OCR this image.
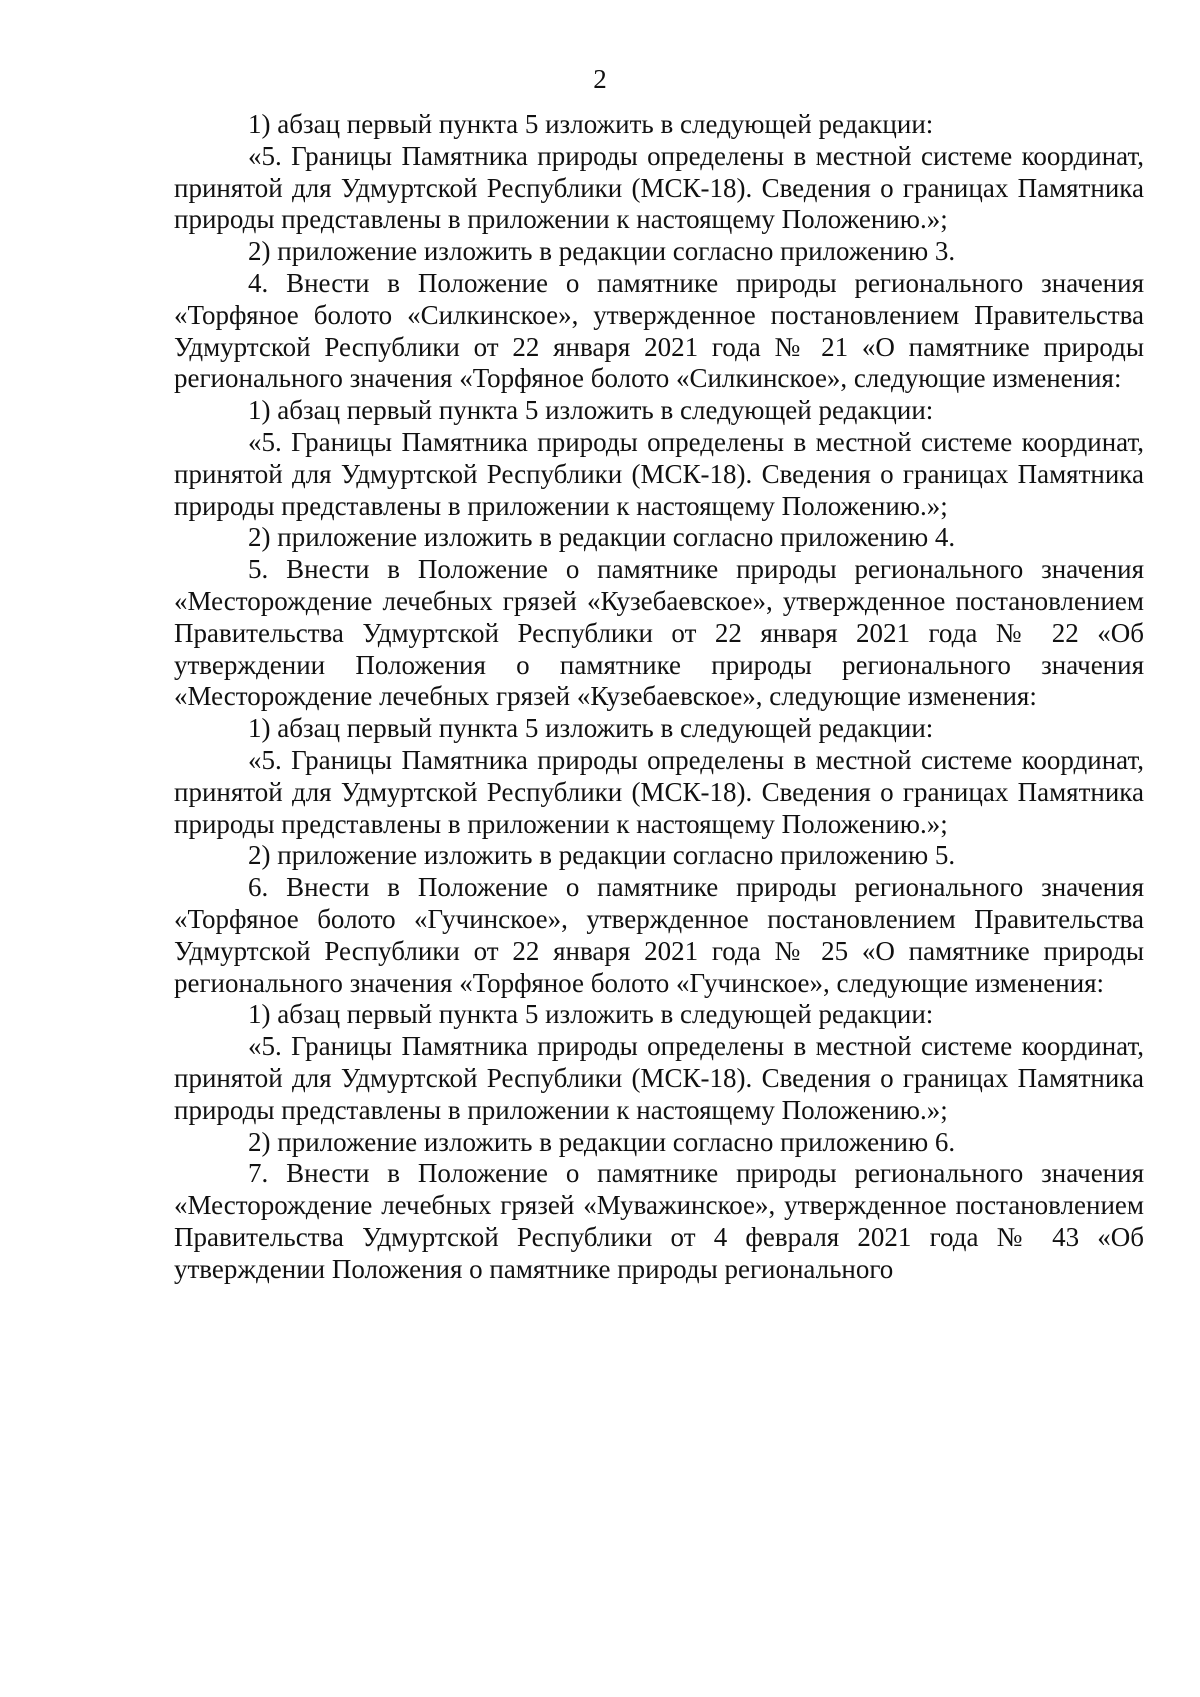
2

1) абзац первый пункта 5 изложить в следующей редакции:

«5. Границы Памятника природы определены в местной системе координат, принятой для Удмуртской Республики (МСК-18). Сведения о границах Памятника природы представлены в приложении к настоящему Положению.»;

2) приложение изложить в редакции согласно приложению 3.

4. Внести в Положение о памятнике природы регионального значения «Торфяное болото «Силкинское», утвержденное постановлением Правительства Удмуртской Республики от 22 января 2021 года № 21 «О памятнике природы регионального значения «Торфяное болото «Силкинское», следующие изменения:

1) абзац первый пункта 5 изложить в следующей редакции:

«5. Границы Памятника природы определены в местной системе координат, принятой для Удмуртской Республики (МСК-18). Сведения о границах Памятника природы представлены в приложении к настоящему Положению.»;

2) приложение изложить в редакции согласно приложению 4.

5. Внести в Положение о памятнике природы регионального значения «Месторождение лечебных грязей «Кузебаевское», утвержденное постановлением Правительства Удмуртской Республики от 22 января 2021 года № 22 «Об утверждении Положения о памятнике природы регионального значения «Месторождение лечебных грязей «Кузебаевское», следующие изменения:

1) абзац первый пункта 5 изложить в следующей редакции:

«5. Границы Памятника природы определены в местной системе координат, принятой для Удмуртской Республики (МСК-18). Сведения о границах Памятника природы представлены в приложении к настоящему Положению.»;

2) приложение изложить в редакции согласно приложению 5.

6. Внести в Положение о памятнике природы регионального значения «Торфяное болото «Гучинское», утвержденное постановлением Правительства Удмуртской Республики от 22 января 2021 года № 25 «О памятнике природы регионального значения «Торфяное болото «Гучинское», следующие изменения:

1) абзац первый пункта 5 изложить в следующей редакции:

«5. Границы Памятника природы определены в местной системе координат, принятой для Удмуртской Республики (МСК-18). Сведения о границах Памятника природы представлены в приложении к настоящему Положению.»;

2) приложение изложить в редакции согласно приложению 6.

7. Внести в Положение о памятнике природы регионального значения «Месторождение лечебных грязей «Муважинское», утвержденное постановлением Правительства Удмуртской Республики от 4 февраля 2021 года № 43 «Об утверждении Положения о памятнике природы регионального
